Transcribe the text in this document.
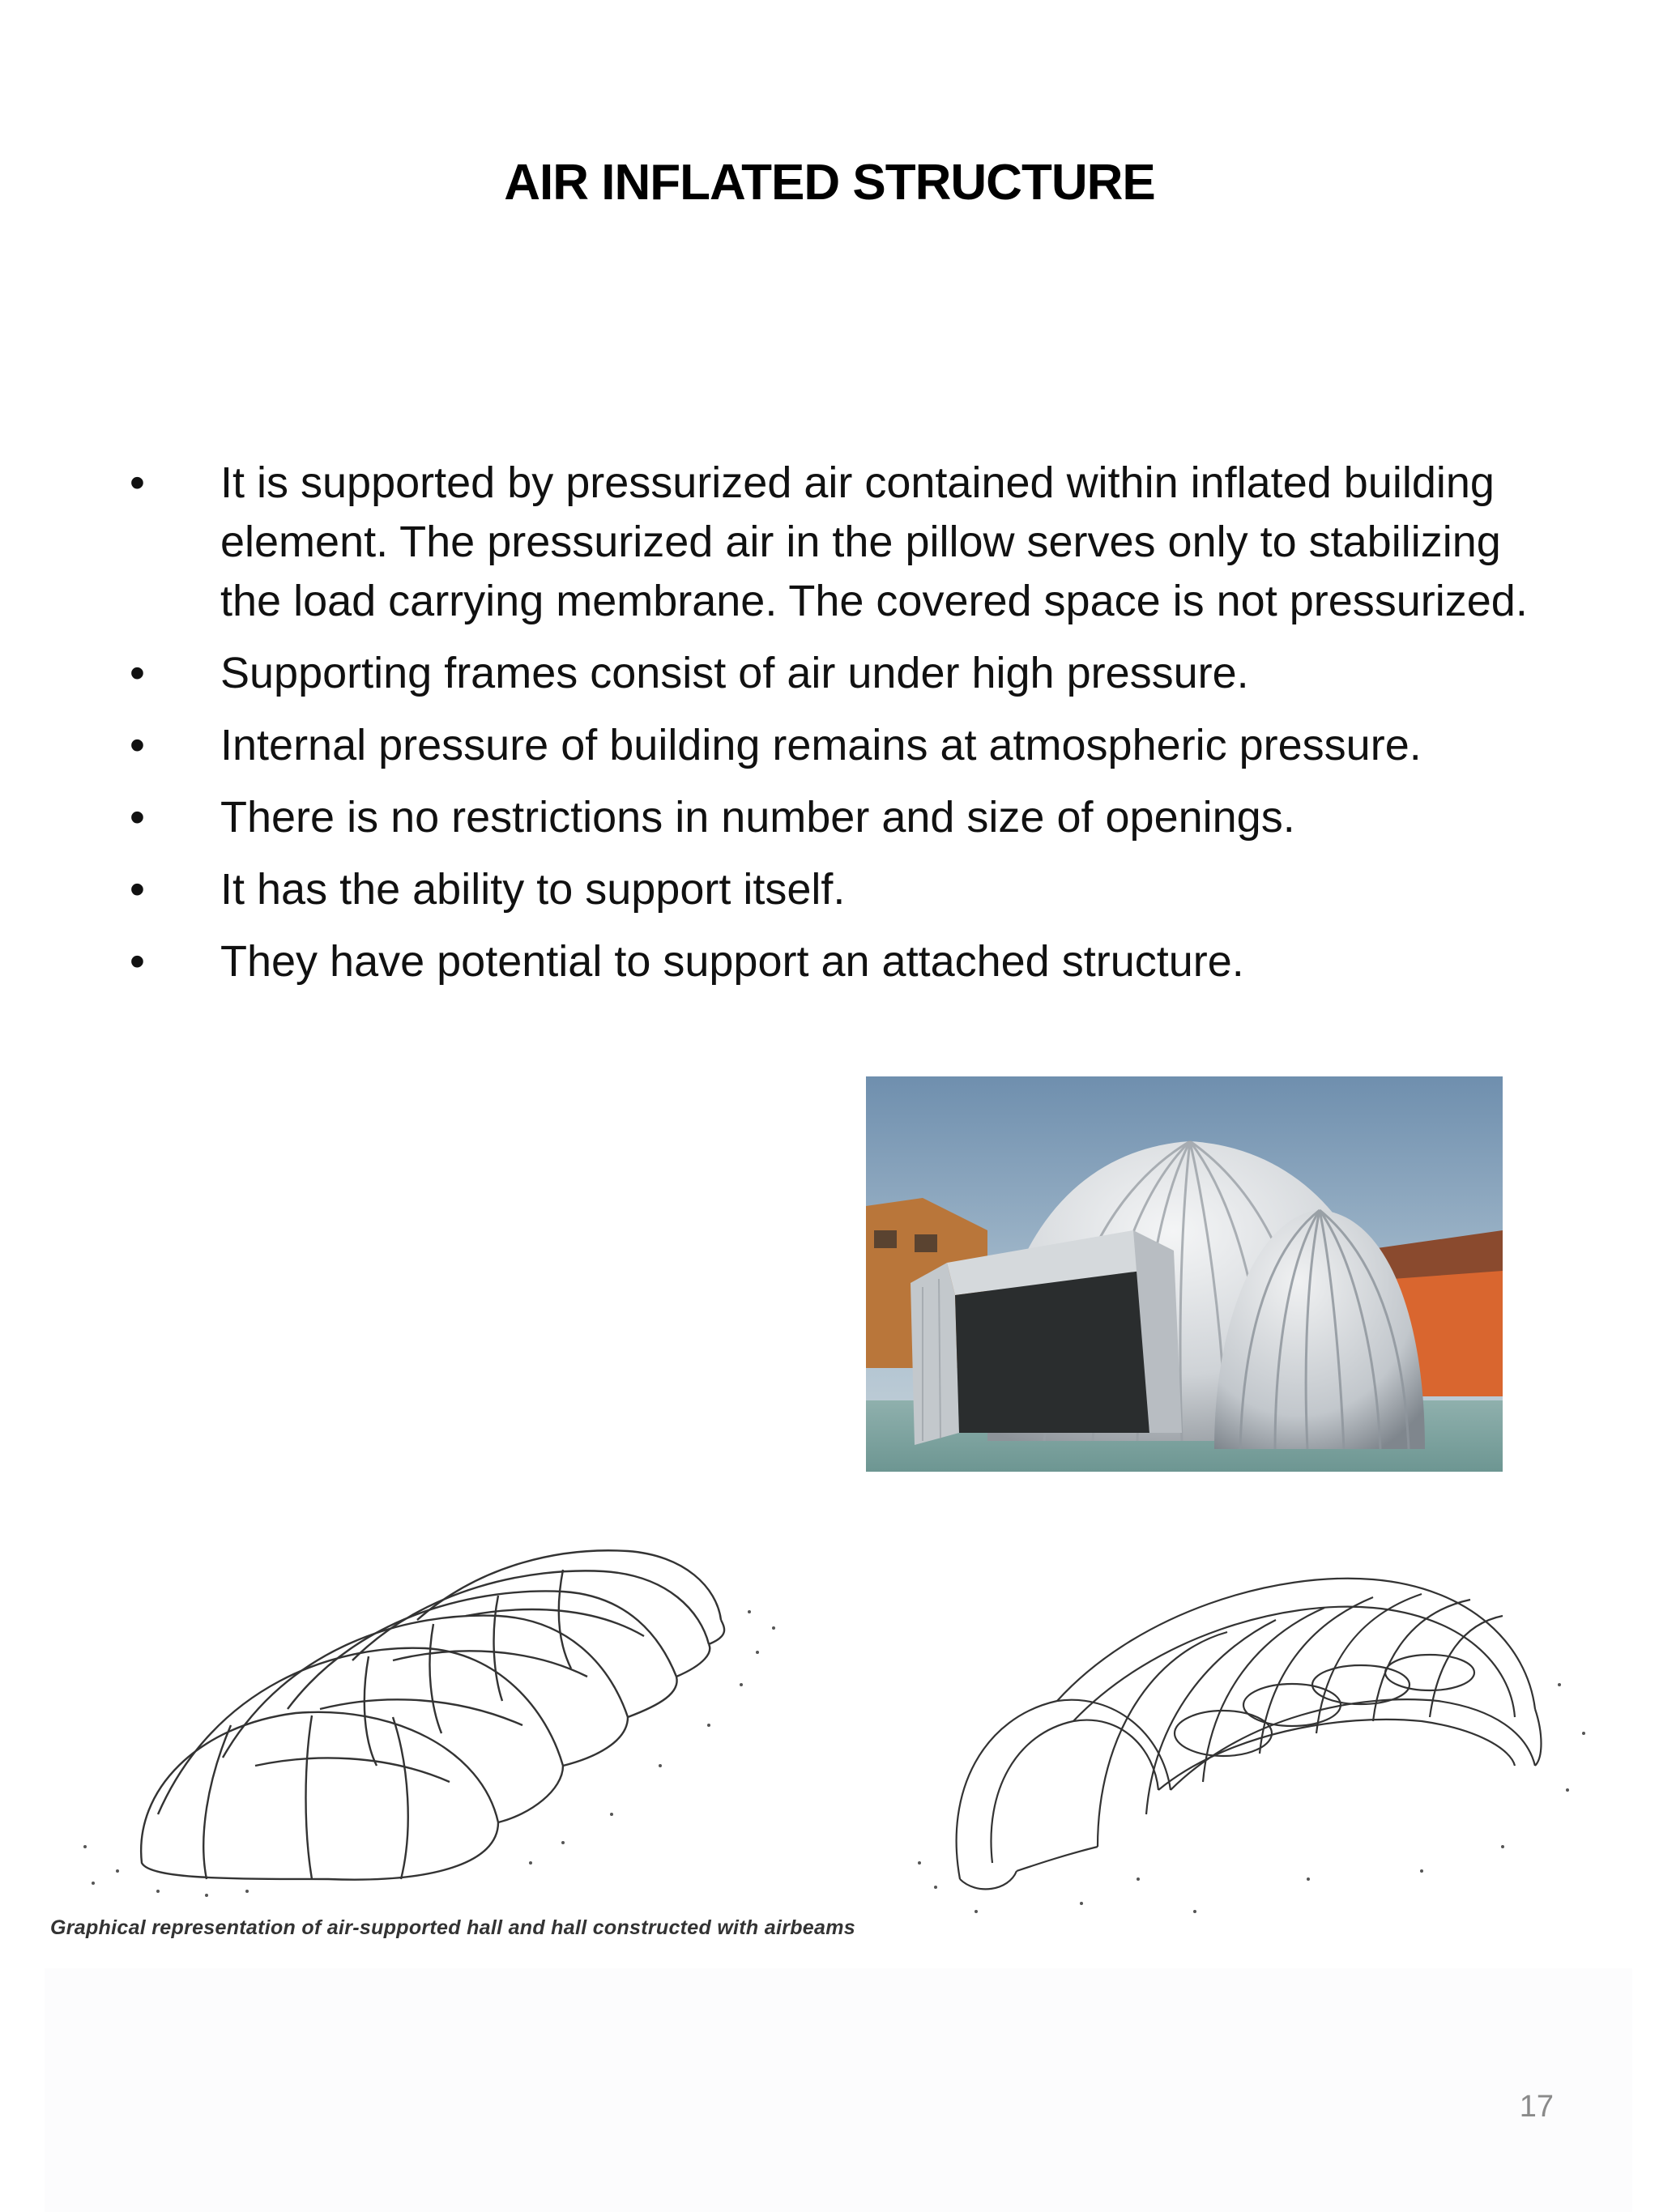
AIR INFLATED STRUCTURE
•	It is supported by pressurized air contained within inflated building element. The pressurized air in the pillow serves only to stabilizing the load carrying membrane. The covered space is not pressurized.
•	Supporting frames consist of air under high pressure.
•	Internal pressure of building remains at atmospheric pressure.
•	There is no restrictions in number and size of openings.
•	It has the ability to support itself.
•	They have potential to support an attached structure.
Graphical representation of air-supported hall and hall constructed with airbeams
17
